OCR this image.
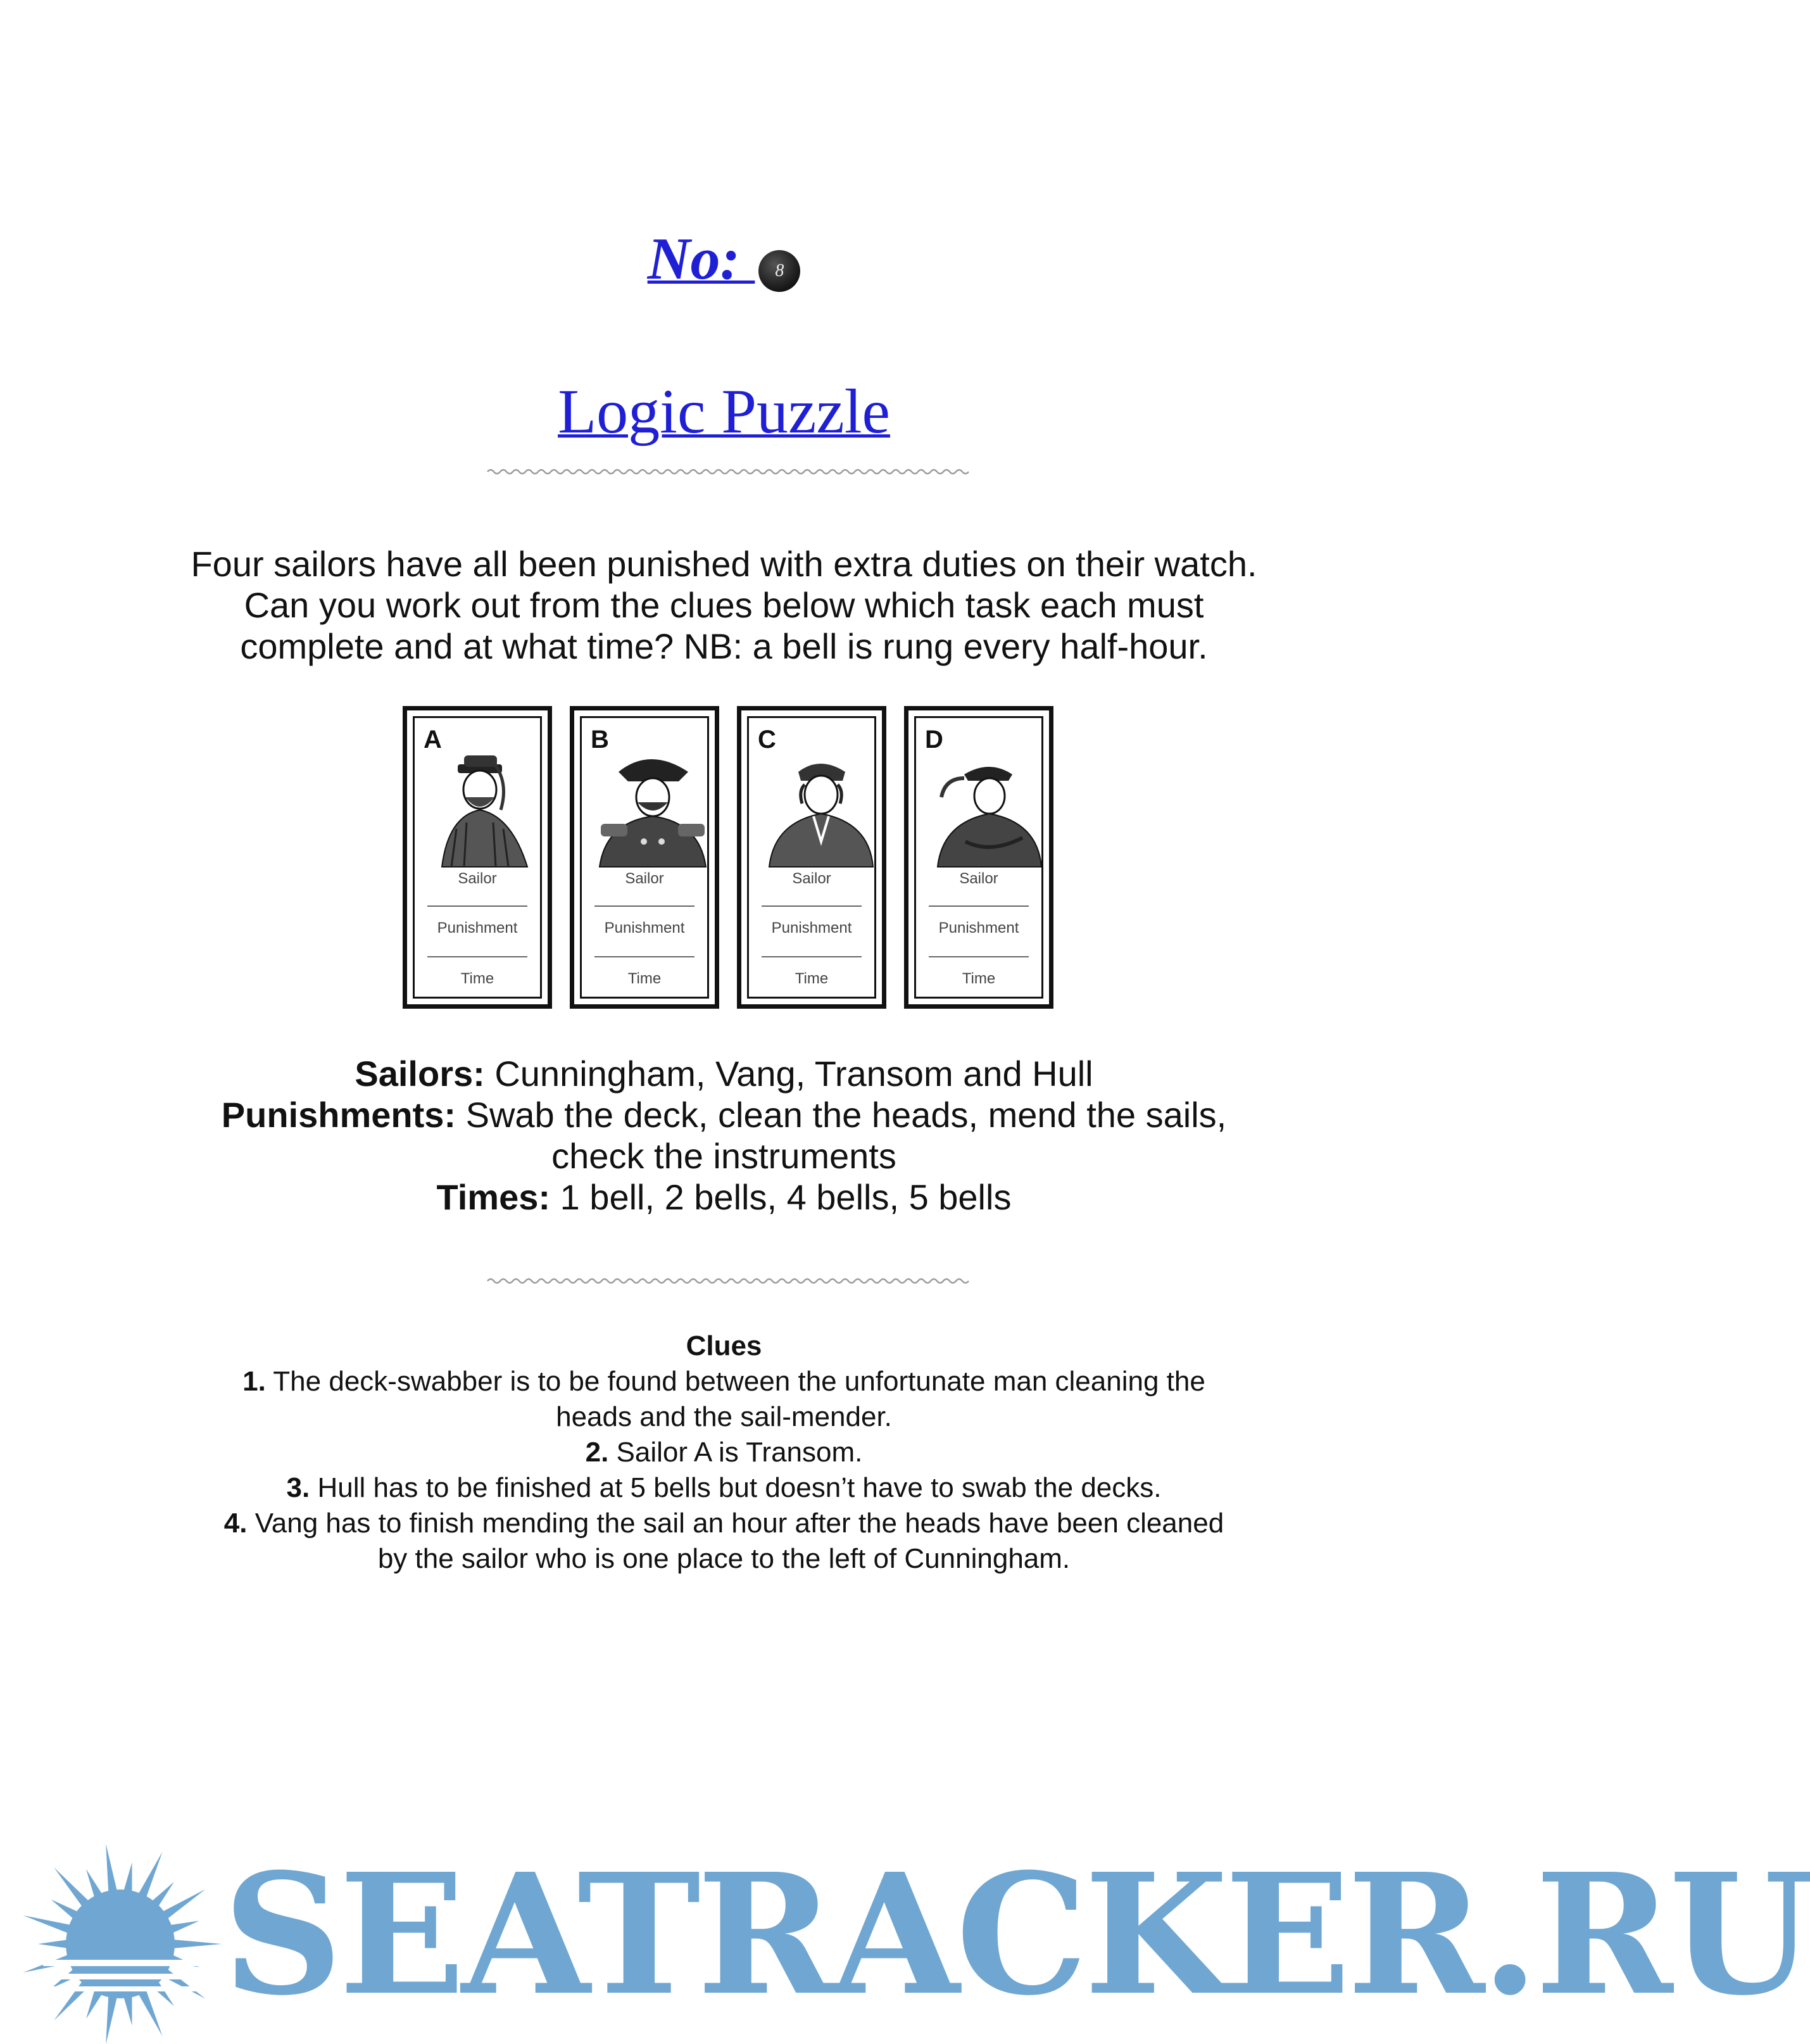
No: 8
Logic Puzzle
Four sailors have all been punished with extra duties on their watch.
Can you work out from the clues below which task each must
complete and at what time? NB: a bell is rung every half-hour.
A
Sailor
Punishment
Time
B
Sailor
Punishment
Time
C
Sailor
Punishment
Time
D
Sailor
Punishment
Time
Sailors: Cunningham, Vang, Transom and Hull
Punishments: Swab the deck, clean the heads, mend the sails,
check the instruments
Times: 1 bell, 2 bells, 4 bells, 5 bells
Clues
1. The deck-swabber is to be found between the unfortunate man cleaning the
heads and the sail-mender.
2. Sailor A is Transom.
3. Hull has to be finished at 5 bells but doesn’t have to swab the decks.
4. Vang has to finish mending the sail an hour after the heads have been cleaned
by the sailor who is one place to the left of Cunningham.
SEATRACKER.RU
